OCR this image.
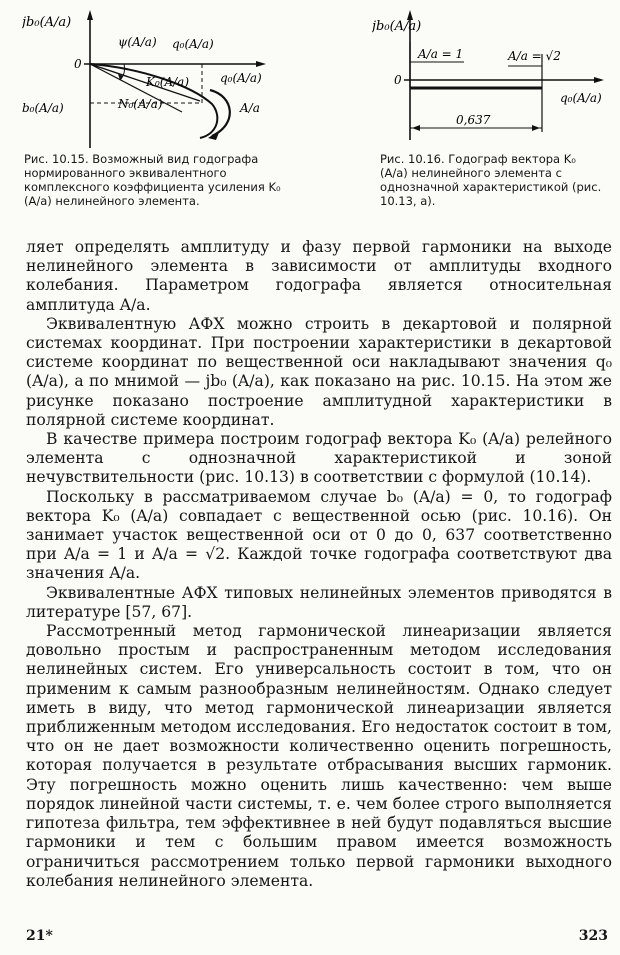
jb₀(A/a)
0
ψ(A/a) q₀(A/a)
q₀(A/a)
b₀(A/a)
K₀(A/a)
N₀(A/a)	A/a
jb₀(A/a)
0
A/a = 1	A/a = √2
0,637
q₀(A/a)
Рис. 10.15. Возможный вид годографа нормированного эквивалентного комплексного коэффициента усиления K₀ (A/a) нелинейного элемента.
Рис. 10.16. Годограф вектора K₀ (A/a) нелинейного элемента с однозначной характеристикой (рис. 10.13, а).

ляет определять амплитуду и фазу первой гармоники на выходе нелинейного элемента в зависимости от амплитуды входного колебания. Параметром годографа является относительная амплитуда A/a.

Эквивалентную АФХ можно строить в декартовой и полярной системах координат. При построении характеристики в декартовой системе координат по вещественной оси накладывают значения q₀ (A/a), а по мнимой — jb₀ (A/a), как показано на рис. 10.15. На этом же рисунке показано построение амплитудной характеристики в полярной системе координат.

В качестве примера построим годограф вектора K₀ (A/a) релейного элемента с однозначной характеристикой и зоной нечувствительности (рис. 10.13) в соответствии с формулой (10.14).

Поскольку в рассматриваемом случае b₀ (A/a) = 0, то годограф вектора K₀ (A/a) совпадает с вещественной осью (рис. 10.16). Он занимает участок вещественной оси от 0 до 0, 637 соответственно при A/a = 1 и A/a = √2. Каждой точке годографа соответствуют два значения A/a.

Эквивалентные АФХ типовых нелинейных элементов приводятся в литературе [57, 67].

Рассмотренный метод гармонической линеаризации является довольно простым и распространенным методом исследования нелинейных систем. Его универсальность состоит в том, что он применим к самым разнообразным нелинейностям. Однако следует иметь в виду, что метод гармонической линеаризации является приближенным методом исследования. Его недостаток состоит в том, что он не дает возможности количественно оценить погрешность, которая получается в результате отбрасывания высших гармоник. Эту погрешность можно оценить лишь качественно: чем выше порядок линейной части системы, т. е. чем более строго выполняется гипотеза фильтра, тем эффективнее в ней будут подавляться высшие гармоники и тем с большим правом имеется возможность ограничиться рассмотрением только первой гармоники выходного колебания нелинейного элемента.

21*	323
